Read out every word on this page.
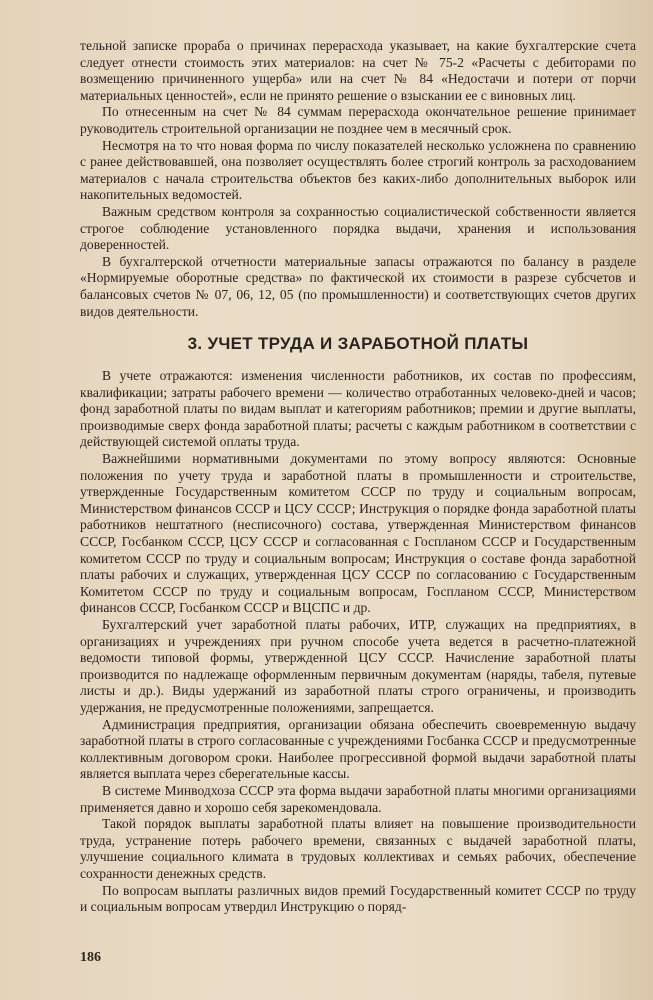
тельной записке прораба о причинах перерасхода указывает, на какие бухгалтерские счета следует отнести стоимость этих материалов: на счет № 75-2 «Расчеты с дебиторами по возмещению причиненного ущерба» или на счет № 84 «Недостачи и потери от порчи материальных ценностей», если не принято решение о взыскании ее с виновных лиц.

По отнесенным на счет № 84 суммам перерасхода окончательное решение принимает руководитель строительной организации не позднее чем в месячный срок.

Несмотря на то что новая форма по числу показателей несколько усложнена по сравнению с ранее действовавшей, она позволяет осуществлять более строгий контроль за расходованием материалов с начала строительства объектов без каких-либо дополнительных выборок или накопительных ведомостей.

Важным средством контроля за сохранностью социалистической собственности является строгое соблюдение установленного порядка выдачи, хранения и использования доверенностей.

В бухгалтерской отчетности материальные запасы отражаются по балансу в разделе «Нормируемые оборотные средства» по фактической их стоимости в разрезе субсчетов и балансовых счетов № 07, 06, 12, 05 (по промышленности) и соответствующих счетов других видов деятельности.

3. УЧЕТ ТРУДА И ЗАРАБОТНОЙ ПЛАТЫ

В учете отражаются: изменения численности работников, их состав по профессиям, квалификации; затраты рабочего времени — количество отработанных человеко-дней и часов; фонд заработной платы по видам выплат и категориям работников; премии и другие выплаты, производимые сверх фонда заработной платы; расчеты с каждым работником в соответствии с действующей системой оплаты труда.

Важнейшими нормативными документами по этому вопросу являются: Основные положения по учету труда и заработной платы в промышленности и строительстве, утвержденные Государственным комитетом СССР по труду и социальным вопросам, Министерством финансов СССР и ЦСУ СССР; Инструкция о порядке фонда заработной платы работников нештатного (несписочного) состава, утвержденная Министерством финансов СССР, Госбанком СССР, ЦСУ СССР и согласованная с Госпланом СССР и Государственным комитетом СССР по труду и социальным вопросам; Инструкция о составе фонда заработной платы рабочих и служащих, утвержденная ЦСУ СССР по согласованию с Государственным Комитетом СССР по труду и социальным вопросам, Госпланом СССР, Министерством финансов СССР, Госбанком СССР и ВЦСПС и др.

Бухгалтерский учет заработной платы рабочих, ИТР, служащих на предприятиях, в организациях и учреждениях при ручном способе учета ведется в расчетно-платежной ведомости типовой формы, утвержденной ЦСУ СССР. Начисление заработной платы производится по надлежаще оформленным первичным документам (наряды, табеля, путевые листы и др.). Виды удержаний из заработной платы строго ограничены, и производить удержания, не предусмотренные положениями, запрещается.

Администрация предприятия, организации обязана обеспечить своевременную выдачу заработной платы в строго согласованные с учреждениями Госбанка СССР и предусмотренные коллективным договором сроки. Наиболее прогрессивной формой выдачи заработной платы является выплата через сберегательные кассы.

В системе Минводхоза СССР эта форма выдачи заработной платы многими организациями применяется давно и хорошо себя зарекомендовала.

Такой порядок выплаты заработной платы влияет на повышение производительности труда, устранение потерь рабочего времени, связанных с выдачей заработной платы, улучшение социального климата в трудовых коллективах и семьях рабочих, обеспечение сохранности денежных средств.

По вопросам выплаты различных видов премий Государственный комитет СССР по труду и социальным вопросам утвердил Инструкцию о поряд-

186
